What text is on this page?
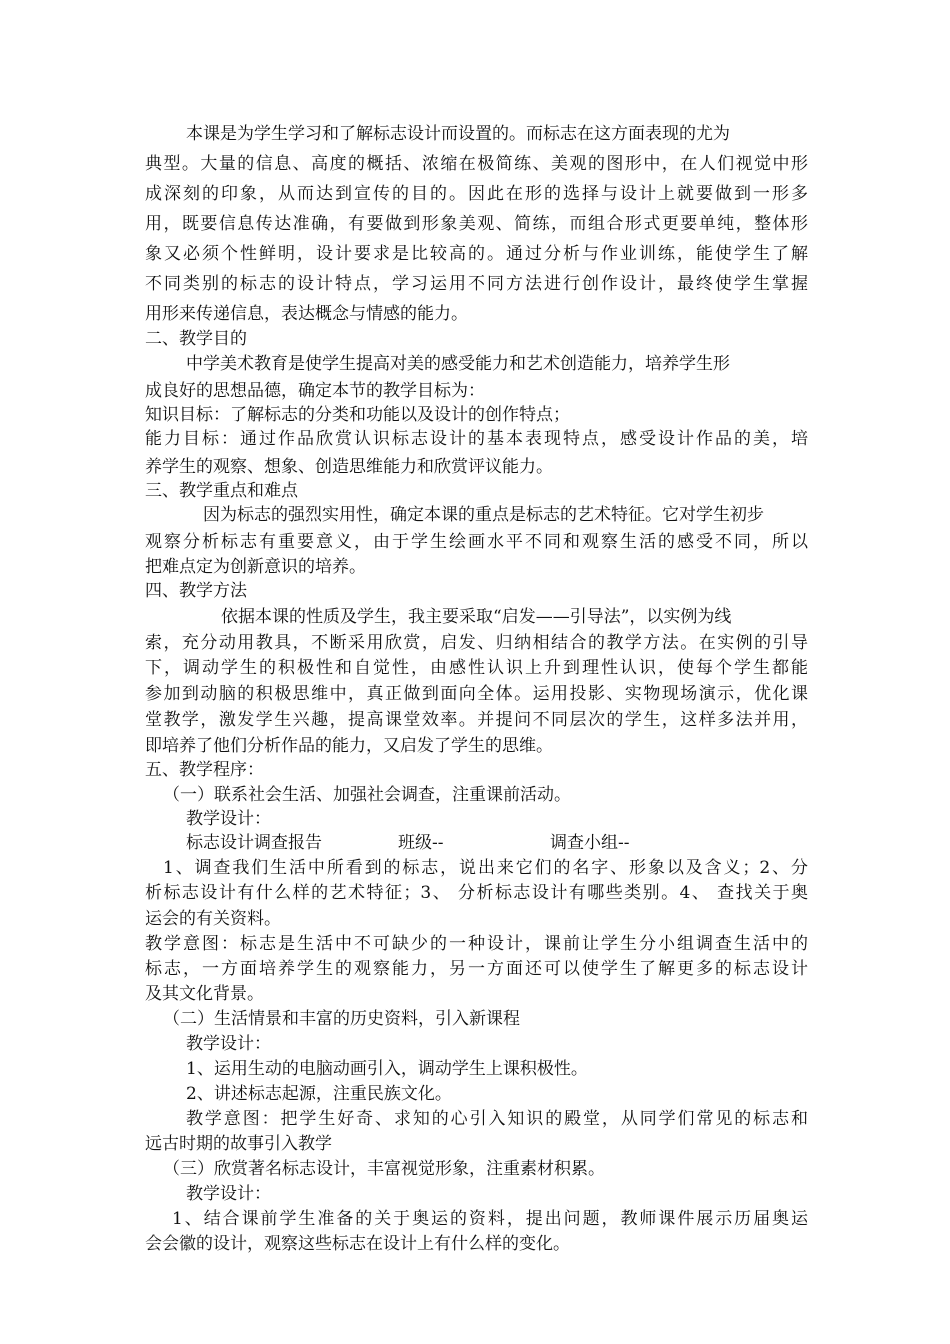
本课是为学生学习和了解标志设计而设置的。而标志在这方面表现的尤为
典型。大量的信息、高度的概括、浓缩在极简练、美观的图形中，在人们视觉中形
成深刻的印象，从而达到宣传的目的。因此在形的选择与设计上就要做到一形多
用，既要信息传达准确，有要做到形象美观、简练，而组合形式更要单纯，整体形
象又必须个性鲜明，设计要求是比较高的。通过分析与作业训练，能使学生了解
不同类别的标志的设计特点，学习运用不同方法进行创作设计，最终使学生掌握
用形来传递信息，表达概念与情感的能力。
二、教学目的
中学美术教育是使学生提高对美的感受能力和艺术创造能力，培养学生形
成良好的思想品德，确定本节的教学目标为：
知识目标：了解标志的分类和功能以及设计的创作特点；
能力目标：通过作品欣赏认识标志设计的基本表现特点，感受设计作品的美，培
养学生的观察、想象、创造思维能力和欣赏评议能力。
三、教学重点和难点
因为标志的强烈实用性，确定本课的重点是标志的艺术特征。它对学生初步
观察分析标志有重要意义，由于学生绘画水平不同和观察生活的感受不同，所以
把难点定为创新意识的培养。
四、教学方法
依据本课的性质及学生，我主要采取“启发——引导法”，以实例为线
索，充分动用教具，不断采用欣赏，启发、归纳相结合的教学方法。在实例的引导
下，调动学生的积极性和自觉性，由感性认识上升到理性认识，使每个学生都能
参加到动脑的积极思维中，真正做到面向全体。运用投影、实物现场演示，优化课
堂教学，激发学生兴趣，提高课堂效率。并提问不同层次的学生，这样多法并用，
即培养了他们分析作品的能力，又启发了学生的思维。
五、教学程序：
（一）联系社会生活、加强社会调查，注重课前活动。
教学设计：
标志设计调查报告	班级--	调查小组--
1、调查我们生活中所看到的标志，说出来它们的名字、形象以及含义；2、分
析标志设计有什么样的艺术特征；3、 分析标志设计有哪些类别。4、 查找关于奥
运会的有关资料。
教学意图：标志是生活中不可缺少的一种设计，课前让学生分小组调查生活中的
标志，一方面培养学生的观察能力，另一方面还可以使学生了解更多的标志设计
及其文化背景。
（二）生活情景和丰富的历史资料，引入新课程
教学设计：
1、运用生动的电脑动画引入，调动学生上课积极性。
2、讲述标志起源，注重民族文化。
教学意图：把学生好奇、求知的心引入知识的殿堂，从同学们常见的标志和
远古时期的故事引入教学
（三）欣赏著名标志设计，丰富视觉形象，注重素材积累。
教学设计：
1、结合课前学生准备的关于奥运的资料，提出问题，教师课件展示历届奥运
会会徽的设计，观察这些标志在设计上有什么样的变化。
